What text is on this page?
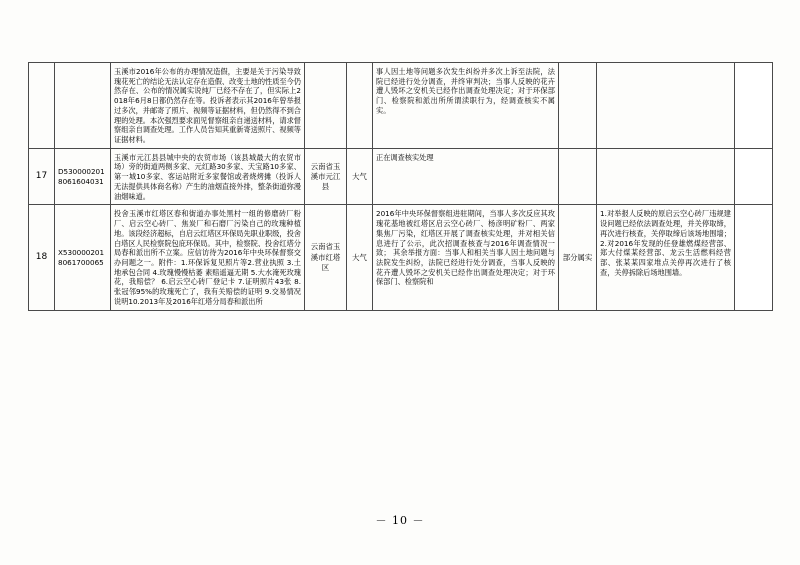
		玉溪市2016年公布的办理情况造假，主要是关于污染导致瑰花死亡的结论无法认定存在造假、改变土地的性质至今仍然存在、公布的情况属实说纯厂已经不存在了，但实际上2018年6月8日都仍然存在等。投诉者表示其2016年曾举报过多次，并邮寄了照片、视频等证据材料，但仍然得不到合理的处理。本次强烈要求面见督察组亲自递送材料，请求督察组亲自调查处理。工作人员告知其重新寄送照片、视频等证据材料。			事人因土地等问题多次发生纠纷并多次上诉至法院，法院已经进行处分调查，并终审判决；当事人反映的花卉遭人毁坏之安机关已经作出调查处理决定；对于环保部门、检察院和派出所所谓渎职行为，经调查核实不属实。			
17	D5300002018061604031	玉溪市元江县县城中央的农贸市场（该县城最大的农贸市场）旁的街道两侧多家、元红路30多家、天宝路10多家、第一城10多家、客运站附近多家餐馆或者烧烤摊（投诉人无法提供具体商名称）产生的油烟直接外排，整条街道弥漫油烟味道。	云南省玉溪市元江县	大气	正在调查核实处理			
18	X5300002018061700065	投舍玉溪市红塔区春和街道办事处黑村一组的修磨砖厂粉厂、启云空心砖厂、焦炭厂和石磨厂污染自己的玫瑰种植地。该段经济超标，自启云红塔区环保局先职业职级，投舍白塔区人民检察院包庇环保局。其中，检察院、投舍红塔分局春和派出所不立案。应信访待为2016年中央环保督察交办问题之一。附件：1.环保诉复见照片等2.营业执照 3.土地承包合同 4.玫瑰慢慢枯萎 素赔遥逼无期 5.大水淹死玫瑰花，我赔偿？ 6.启云空心砖厂登记卡 7.证明照片43张 8.张冠邻95%的玫瑰死亡了，我有关赔偿的证明 9.交易情况说明10.2013年及2016年红塔分局春和派出所	云南省玉溪市红塔区	大气	2016年中央环保督察组进驻期间，当事人多次反应其玫瑰花基地被红塔区启云空心砖厂、杨彦明矿粉厂、两家集焦厂污染，红塔区开展了调查核实处理，并对相关信息进行了公示，此次招调查核查与2016年调查情况一致； 其余举报方面：当事人和相关当事人因土地问题与法院发生纠纷，法院已经进行处分调查，当事人反映的花卉遭人毁坏之安机关已经作出调查处理决定；对于环保部门、检察院和	部分属实	1.对举报人反映的原启云空心砖厂违规建设问题已经依法调查处理，并关停取缔，再次进行核查，关停取缔后该场地围墙； 2.对2016年发现的任登雄燃煤经营部、郑大付煤某经营部、龙云生活燃料经营部、张某某四家堆点关停再次进行了核查，关停拆除后场地围墙。	
－ 10 －
